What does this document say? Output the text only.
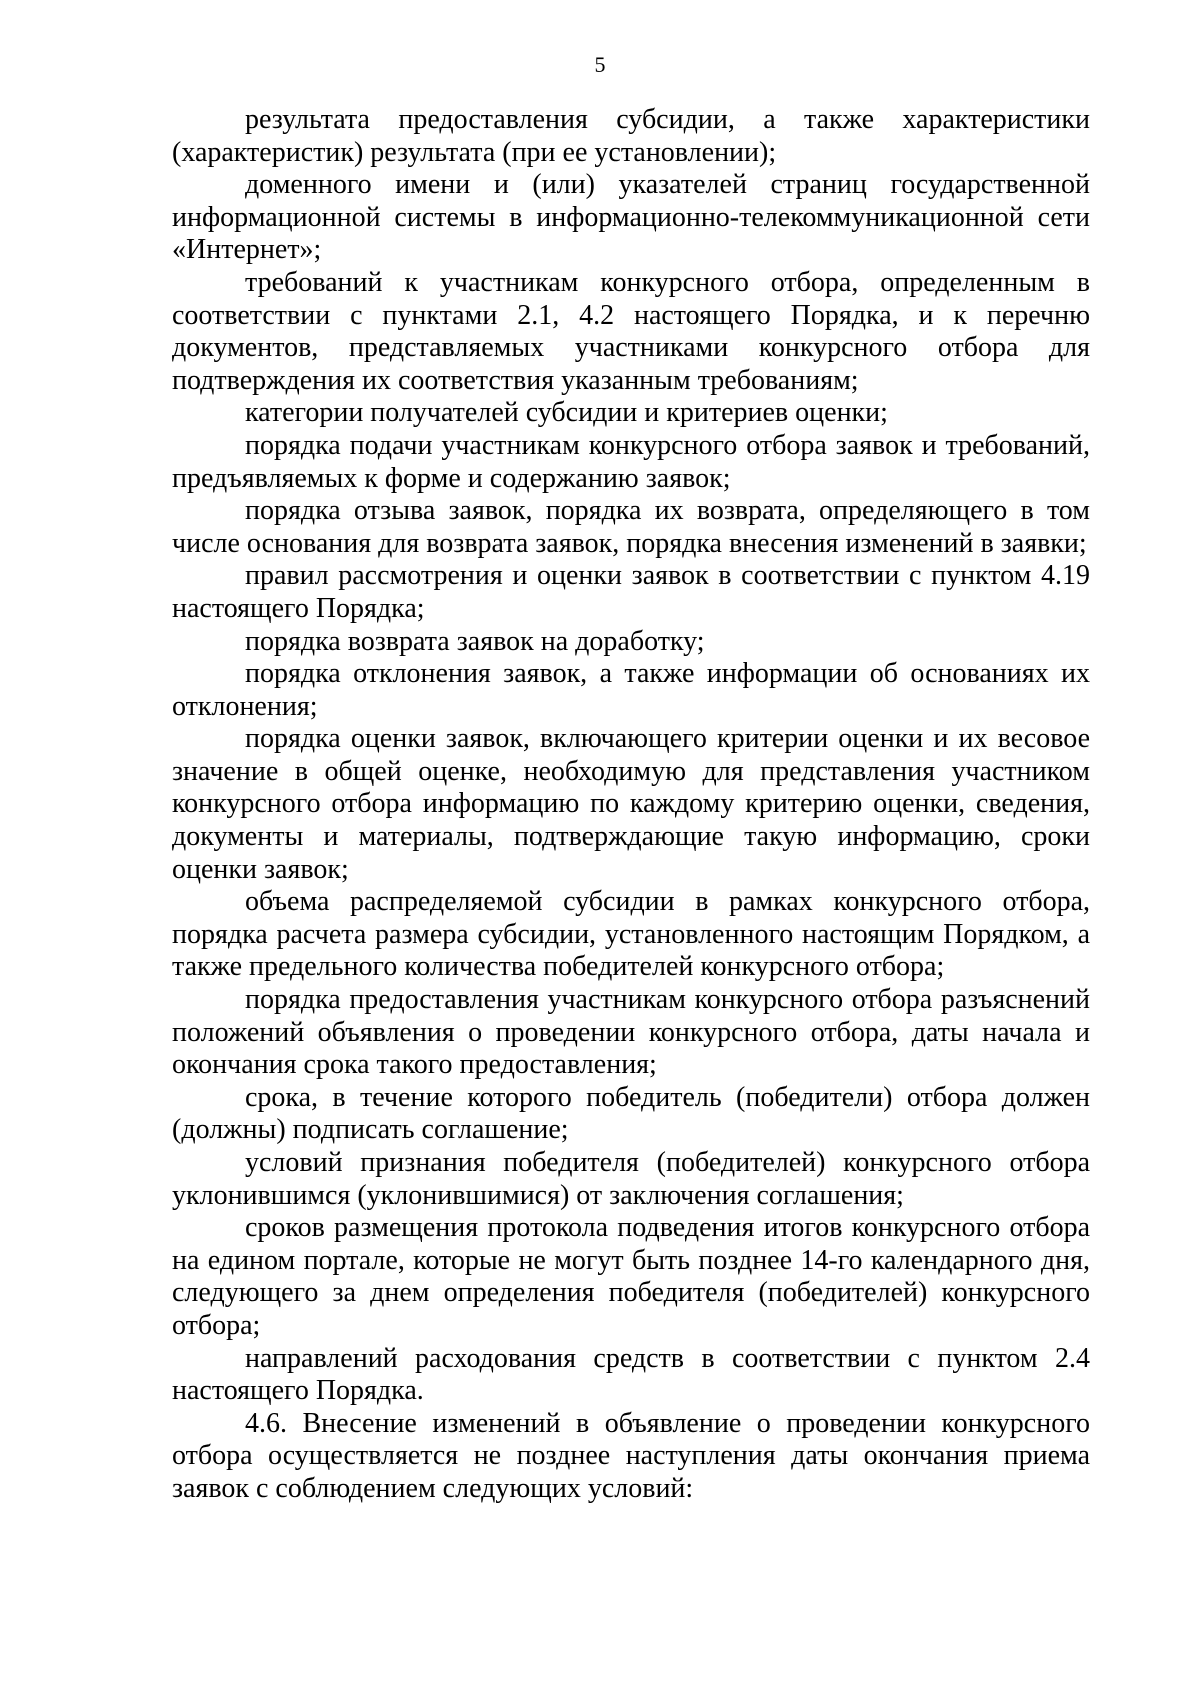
5

результата предоставления субсидии, а также характеристики (характеристик) результата (при ее установлении);

доменного имени и (или) указателей страниц государственной информационной системы в информационно-телекоммуникационной сети «Интернет»;

требований к участникам конкурсного отбора, определенным в соответствии с пунктами 2.1, 4.2 настоящего Порядка, и к перечню документов, представляемых участниками конкурсного отбора для подтверждения их соответствия указанным требованиям;

категории получателей субсидии и критериев оценки;

порядка подачи участникам конкурсного отбора заявок и требований, предъявляемых к форме и содержанию заявок;

порядка отзыва заявок, порядка их возврата, определяющего в том числе основания для возврата заявок, порядка внесения изменений в заявки;

правил рассмотрения и оценки заявок в соответствии с пунктом 4.19 настоящего Порядка;

порядка возврата заявок на доработку;

порядка отклонения заявок, а также информации об основаниях их отклонения;

порядка оценки заявок, включающего критерии оценки и их весовое значение в общей оценке, необходимую для представления участником конкурсного отбора информацию по каждому критерию оценки, сведения, документы и материалы, подтверждающие такую информацию, сроки оценки заявок;

объема распределяемой субсидии в рамках конкурсного отбора, порядка расчета размера субсидии, установленного настоящим Порядком, а также предельного количества победителей конкурсного отбора;

порядка предоставления участникам конкурсного отбора разъяснений положений объявления о проведении конкурсного отбора, даты начала и окончания срока такого предоставления;

срока, в течение которого победитель (победители) отбора должен (должны) подписать соглашение;

условий признания победителя (победителей) конкурсного отбора уклонившимся (уклонившимися) от заключения соглашения;

сроков размещения протокола подведения итогов конкурсного отбора на едином портале, которые не могут быть позднее 14-го календарного дня, следующего за днем определения победителя (победителей) конкурсного отбора;

направлений расходования средств в соответствии с пунктом 2.4 настоящего Порядка.

4.6. Внесение изменений в объявление о проведении конкурсного отбора осуществляется не позднее наступления даты окончания приема заявок с соблюдением следующих условий:
